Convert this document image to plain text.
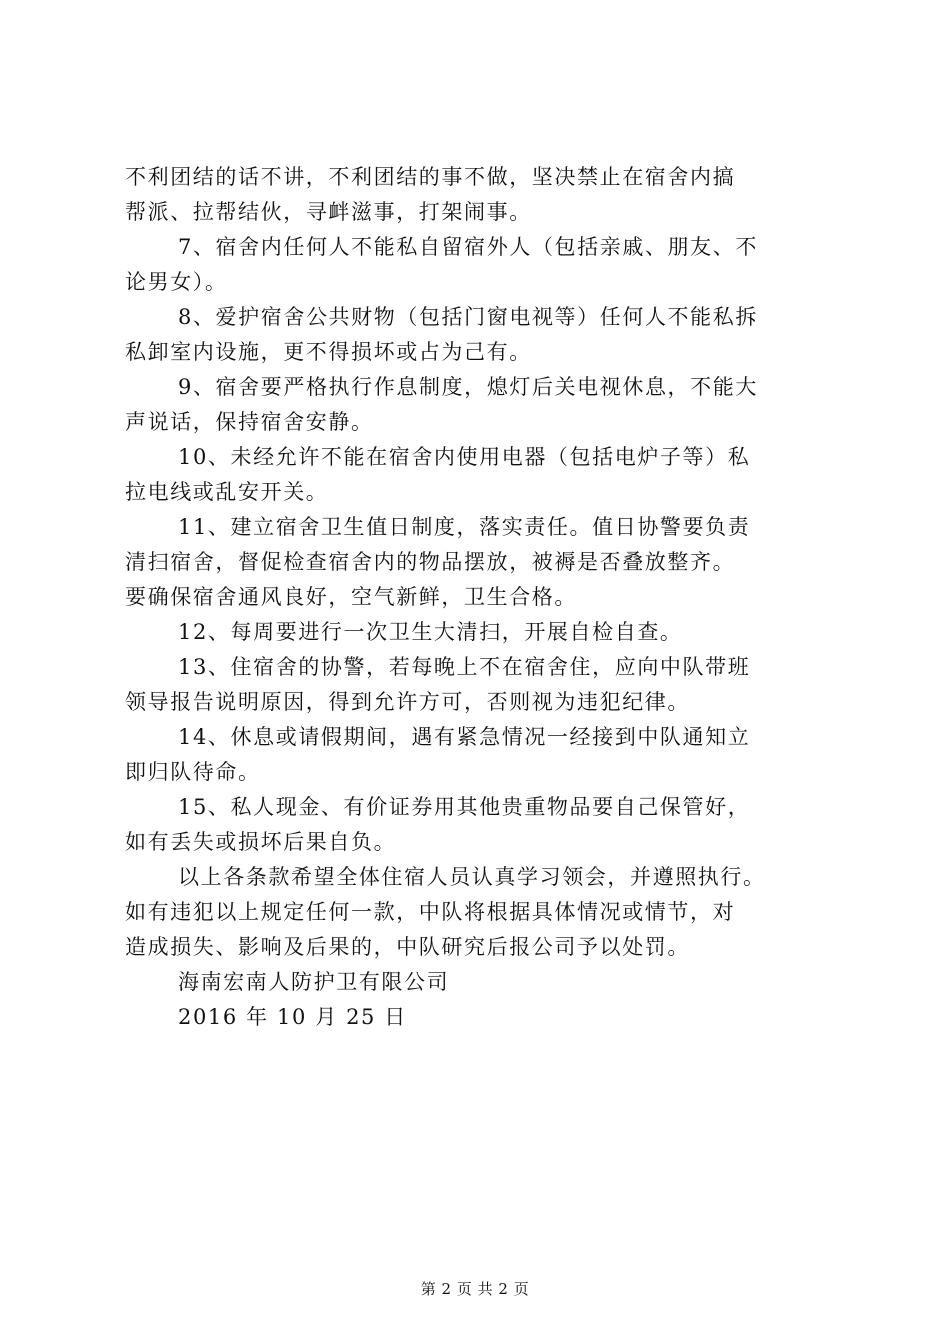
不利团结的话不讲，不利团结的事不做，坚决禁止在宿舍内搞
帮派、拉帮结伙，寻衅滋事，打架闹事。
7、宿舍内任何人不能私自留宿外人（包括亲戚、朋友、不
论男女）。
8、爱护宿舍公共财物（包括门窗电视等）任何人不能私拆
私卸室内设施，更不得损坏或占为己有。
9、宿舍要严格执行作息制度，熄灯后关电视休息，不能大
声说话，保持宿舍安静。
10、未经允许不能在宿舍内使用电器（包括电炉子等）私
拉电线或乱安开关。
11、建立宿舍卫生值日制度，落实责任。值日协警要负责
清扫宿舍，督促检查宿舍内的物品摆放，被褥是否叠放整齐。
要确保宿舍通风良好，空气新鲜，卫生合格。
12、每周要进行一次卫生大清扫，开展自检自查。
13、住宿舍的协警，若每晚上不在宿舍住，应向中队带班
领导报告说明原因，得到允许方可，否则视为违犯纪律。
14、休息或请假期间，遇有紧急情况一经接到中队通知立
即归队待命。
15、私人现金、有价证券用其他贵重物品要自己保管好，
如有丢失或损坏后果自负。
以上各条款希望全体住宿人员认真学习领会，并遵照执行。
如有违犯以上规定任何一款，中队将根据具体情况或情节，对
造成损失、影响及后果的，中队研究后报公司予以处罚。
海南宏南人防护卫有限公司
2016 年 10 月 25 日
第 2 页 共 2 页
